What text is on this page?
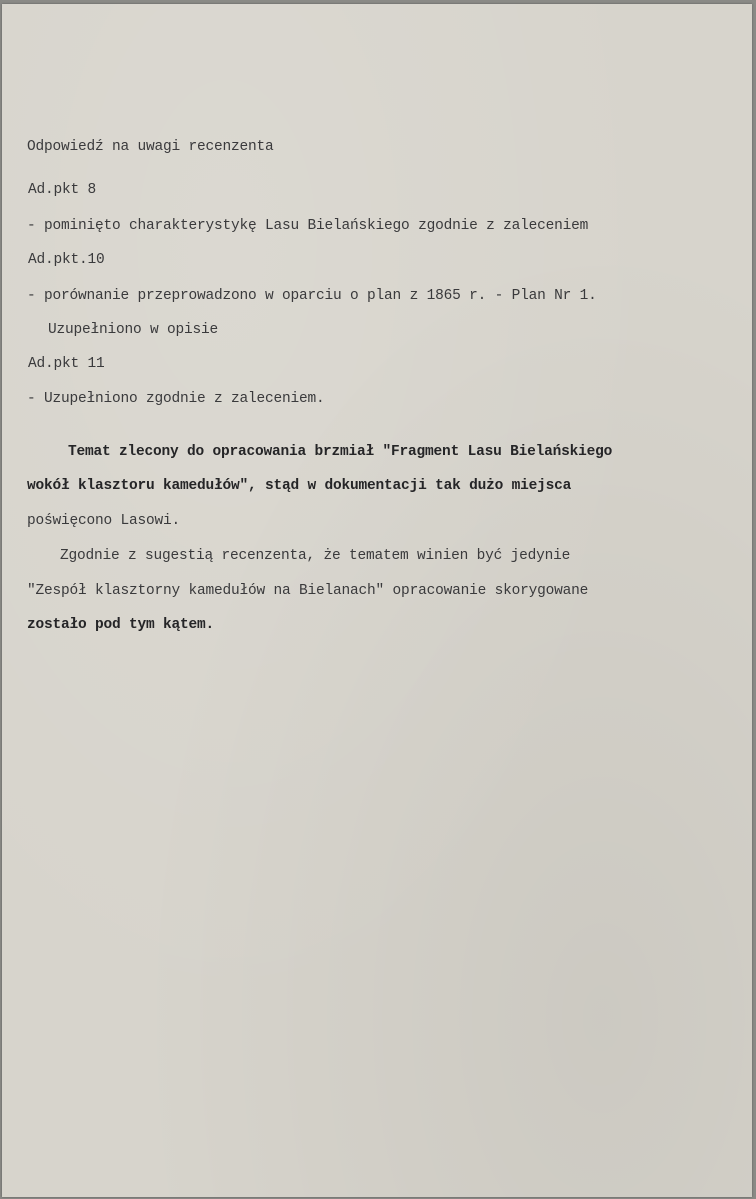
Odpowiedź na uwagi recenzenta
Ad.pkt 8
- pominięto charakterystykę Lasu Bielańskiego zgodnie z zaleceniem
Ad.pkt.10
- porównanie przeprowadzono w oparciu o plan z 1865 r. - Plan Nr 1.
Uzupełniono w opisie
Ad.pkt 11
- Uzupełniono zgodnie z zaleceniem.
Temat zlecony do opracowania brzmiał "Fragment Lasu Bielańskiego
wokół klasztoru kamedułów", stąd w dokumentacji tak dużo miejsca
poświęcono Lasowi.
Zgodnie z sugestią recenzenta, że tematem winien być jedynie
"Zespół klasztorny kamedułów na Bielanach" opracowanie skorygowane
zostało pod tym kątem.
